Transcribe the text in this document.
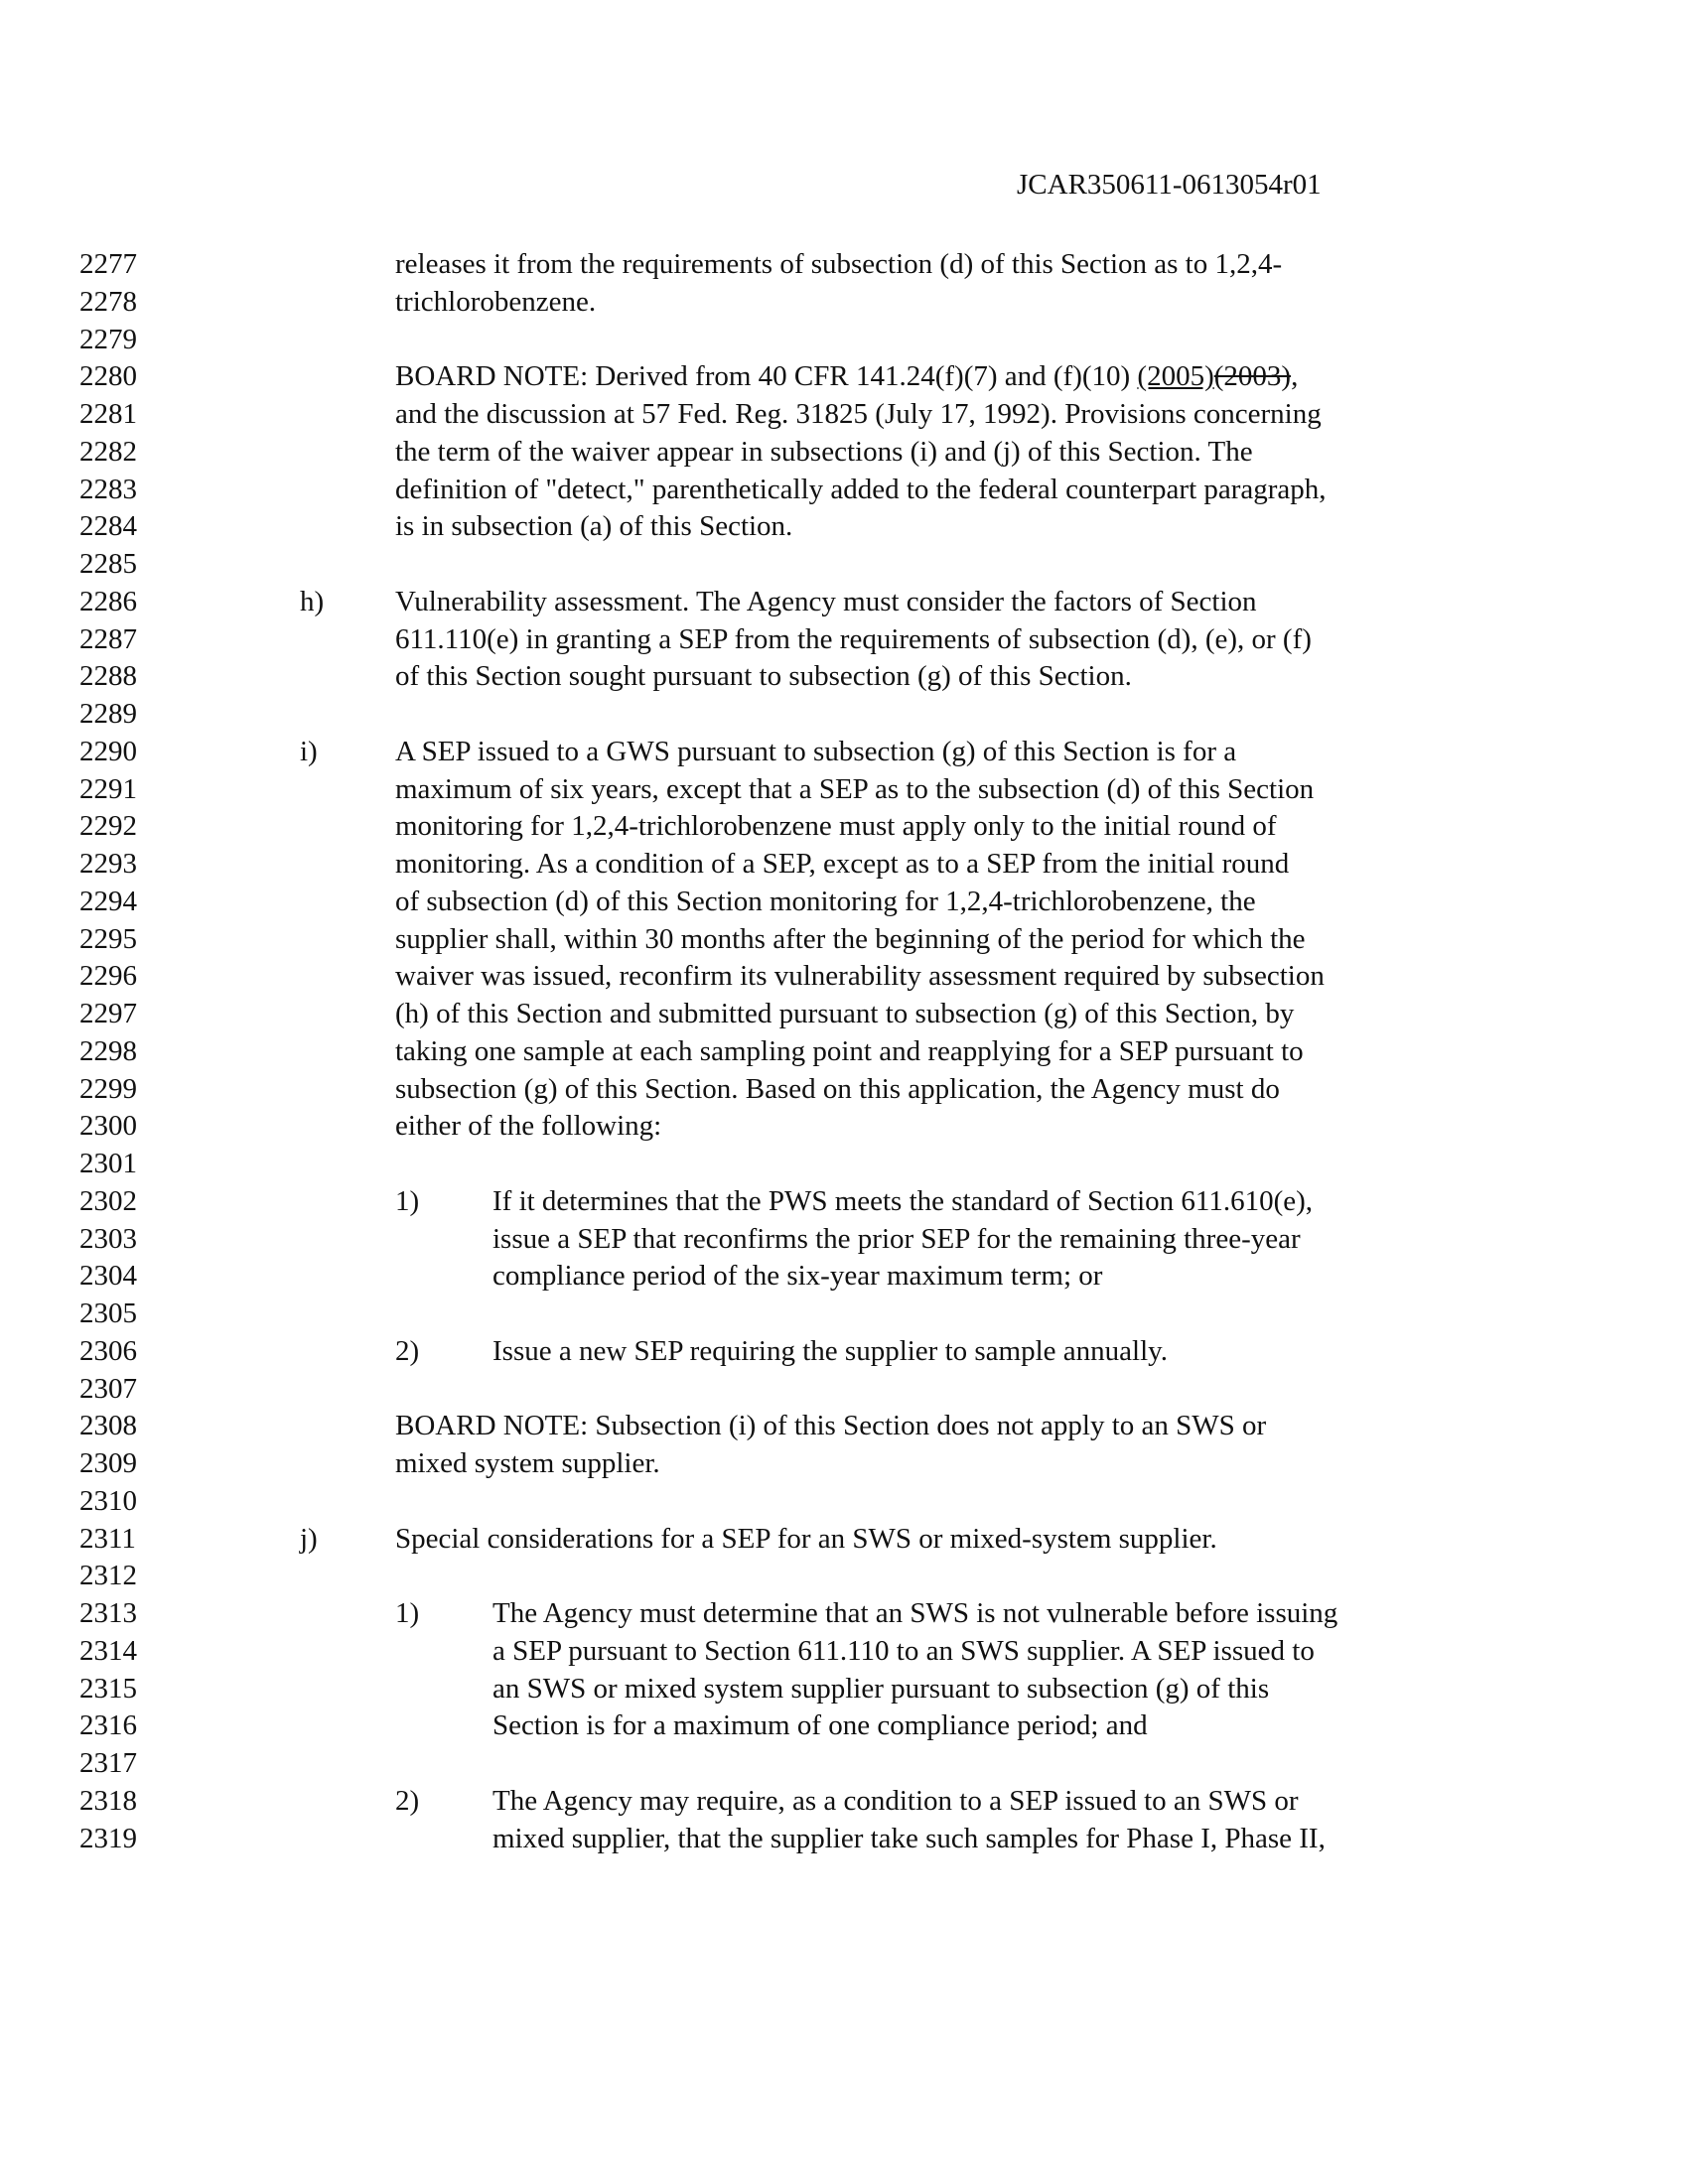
JCAR350611-0613054r01
2277	releases it from the requirements of subsection (d) of this Section as to 1,2,4-
2278	trichlorobenzene.
2279
2280	BOARD NOTE: Derived from 40 CFR 141.24(f)(7) and (f)(10) (2005)(2003),
2281	and the discussion at 57 Fed. Reg. 31825 (July 17, 1992). Provisions concerning
2282	the term of the waiver appear in subsections (i) and (j) of this Section. The
2283	definition of "detect," parenthetically added to the federal counterpart paragraph,
2284	is in subsection (a) of this Section.
2285
2286	h) Vulnerability assessment. The Agency must consider the factors of Section
2287	611.110(e) in granting a SEP from the requirements of subsection (d), (e), or (f)
2288	of this Section sought pursuant to subsection (g) of this Section.
2289
2290	i)	A SEP issued to a GWS pursuant to subsection (g) of this Section is for a
2291	maximum of six years, except that a SEP as to the subsection (d) of this Section
2292	monitoring for 1,2,4-trichlorobenzene must apply only to the initial round of
2293	monitoring. As a condition of a SEP, except as to a SEP from the initial round
2294	of subsection (d) of this Section monitoring for 1,2,4-trichlorobenzene, the
2295	supplier shall, within 30 months after the beginning of the period for which the
2296	waiver was issued, reconfirm its vulnerability assessment required by subsection
2297	(h) of this Section and submitted pursuant to subsection (g) of this Section, by
2298	taking one sample at each sampling point and reapplying for a SEP pursuant to
2299	subsection (g) of this Section. Based on this application, the Agency must do
2300	either of the following:
2301
2302	1)	If it determines that the PWS meets the standard of Section 611.610(e),
2303	issue a SEP that reconfirms the prior SEP for the remaining three-year
2304	compliance period of the six-year maximum term; or
2305
2306	2)	Issue a new SEP requiring the supplier to sample annually.
2307
2308	BOARD NOTE: Subsection (i) of this Section does not apply to an SWS or
2309	mixed system supplier.
2310
2311	j)	Special considerations for a SEP for an SWS or mixed-system supplier.
2312
2313	1)	The Agency must determine that an SWS is not vulnerable before issuing
2314	a SEP pursuant to Section 611.110 to an SWS supplier. A SEP issued to
2315	an SWS or mixed system supplier pursuant to subsection (g) of this
2316	Section is for a maximum of one compliance period; and
2317
2318	2)	The Agency may require, as a condition to a SEP issued to an SWS or
2319	mixed supplier, that the supplier take such samples for Phase I, Phase II,
